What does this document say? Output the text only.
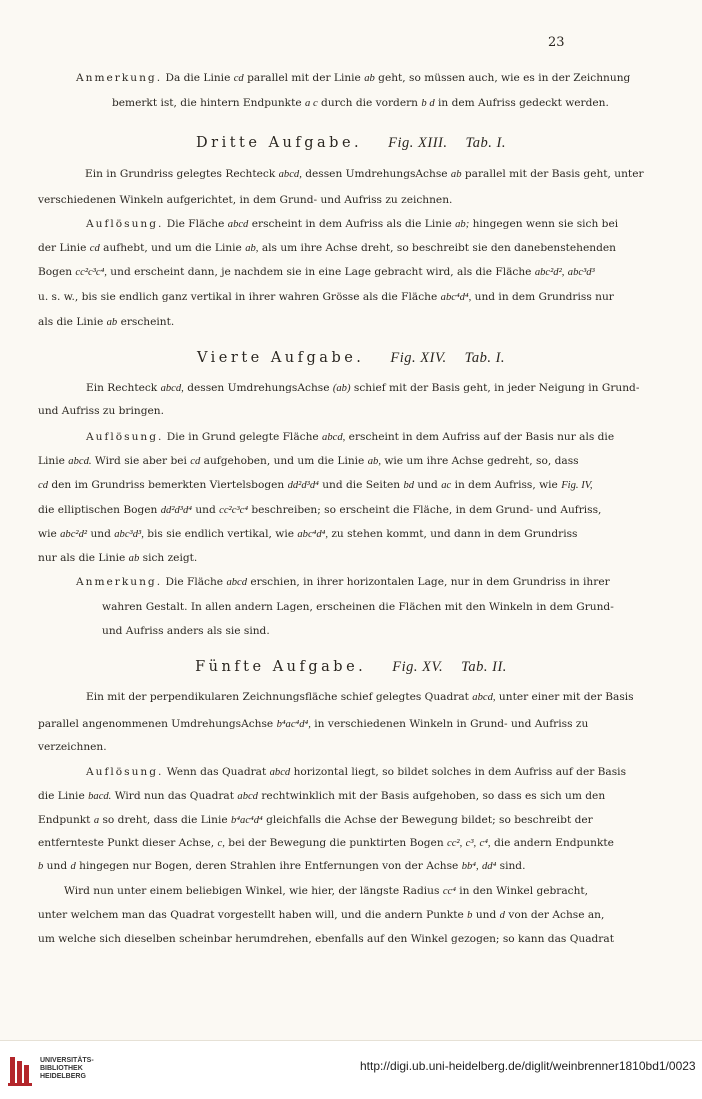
23
Anmerkung. Da die Linie cd parallel mit der Linie ab geht, so müssen auch, wie es in der Zeichnung
bemerkt ist, die hintern Endpunkte a c durch die vordern b d in dem Aufriss gedeckt werden.
Dritte Aufgabe. Fig. XIII. Tab. I.
Ein in Grundriss gelegtes Rechteck abcd, dessen UmdrehungsAchse ab parallel mit der Basis geht, unter
verschiedenen Winkeln aufgerichtet, in dem Grund- und Aufriss zu zeichnen.
Auflösung. Die Fläche abcd erscheint in dem Aufriss als die Linie ab; hingegen wenn sie sich bei
der Linie cd aufhebt, und um die Linie ab, als um ihre Achse dreht, so beschreibt sie den danebenstehenden
Bogen cc²c³c⁴, und erscheint dann, je nachdem sie in eine Lage gebracht wird, als die Fläche abc²d², abc³d³
u. s. w., bis sie endlich ganz vertikal in ihrer wahren Grösse als die Fläche abc⁴d⁴, und in dem Grundriss nur
als die Linie ab erscheint.
Vierte Aufgabe. Fig. XIV. Tab. I.
Ein Rechteck abcd, dessen UmdrehungsAchse (ab) schief mit der Basis geht, in jeder Neigung in Grund-
und Aufriss zu bringen.
Auflösung. Die in Grund gelegte Fläche abcd, erscheint in dem Aufriss auf der Basis nur als die
Linie abcd. Wird sie aber bei cd aufgehoben, und um die Linie ab, wie um ihre Achse gedreht, so, dass
cd den im Grundriss bemerkten Viertelsbogen dd²d³d⁴ und die Seiten bd und ac in dem Aufriss, wie Fig. IV,
die elliptischen Bogen dd²d³d⁴ und cc²c³c⁴ beschreiben; so erscheint die Fläche, in dem Grund- und Aufriss,
wie abc²d² und abc³d³, bis sie endlich vertikal, wie abc⁴d⁴, zu stehen kommt, und dann in dem Grundriss
nur als die Linie ab sich zeigt.
Anmerkung. Die Fläche abcd erschien, in ihrer horizontalen Lage, nur in dem Grundriss in ihrer
wahren Gestalt. In allen andern Lagen, erscheinen die Flächen mit den Winkeln in dem Grund-
und Aufriss anders als sie sind.
Fünfte Aufgabe. Fig. XV. Tab. II.
Ein mit der perpendikularen Zeichnungsfläche schief gelegtes Quadrat abcd, unter einer mit der Basis
parallel angenommenen UmdrehungsAchse b⁴ac⁴d⁴, in verschiedenen Winkeln in Grund- und Aufriss zu
verzeichnen.
Auflösung. Wenn das Quadrat abcd horizontal liegt, so bildet solches in dem Aufriss auf der Basis
die Linie bacd. Wird nun das Quadrat abcd rechtwinklich mit der Basis aufgehoben, so dass es sich um den
Endpunkt a so dreht, dass die Linie b⁴ac⁴d⁴ gleichfalls die Achse der Bewegung bildet; so beschreibt der
entfernteste Punkt dieser Achse, c, bei der Bewegung die punktirten Bogen cc², c³, c⁴, die andern Endpunkte
b und d hingegen nur Bogen, deren Strahlen ihre Entfernungen von der Achse bb⁴, dd⁴ sind.
Wird nun unter einem beliebigen Winkel, wie hier, der längste Radius cc⁴ in den Winkel gebracht,
unter welchem man das Quadrat vorgestellt haben will, und die andern Punkte b und d von der Achse an,
um welche sich dieselben scheinbar herumdrehen, ebenfalls auf den Winkel gezogen; so kann das Quadrat
UNIVERSITÄTS-
BIBLIOTHEK
HEIDELBERG
http://digi.ub.uni-heidelberg.de/diglit/weinbrenner1810bd1/0023
